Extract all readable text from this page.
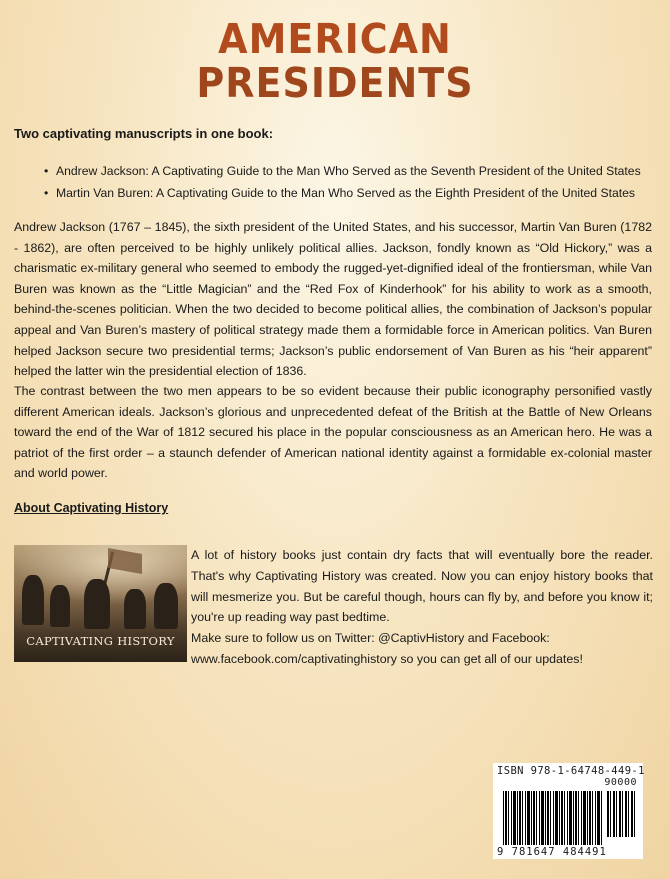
AMERICAN
PRESIDENTS
Two captivating manuscripts in one book:
• Andrew Jackson: A Captivating Guide to the Man Who Served as the Seventh President of the United States
• Martin Van Buren: A Captivating Guide to the Man Who Served as the Eighth President of the United States

Andrew Jackson (1767 – 1845), the sixth president of the United States, and his successor, Martin Van Buren (1782 - 1862), are often perceived to be highly unlikely political allies. Jackson, fondly known as “Old Hickory,” was a charismatic ex-military general who seemed to embody the rugged-yet-dignified ideal of the frontiersman, while Van Buren was known as the “Little Magician” and the “Red Fox of Kinderhook” for his ability to work as a smooth, behind-the-scenes politician. When the two decided to become political allies, the combination of Jackson’s popular appeal and Van Buren’s mastery of political strategy made them a formidable force in American politics. Van Buren helped Jackson secure two presidential terms; Jackson’s public endorsement of Van Buren as his “heir apparent” helped the latter win the presidential election of 1836.

The contrast between the two men appears to be so evident because their public iconography personified vastly different American ideals. Jackson’s glorious and unprecedented defeat of the British at the Battle of New Orleans toward the end of the War of 1812 secured his place in the popular consciousness as an American hero. He was a patriot of the first order – a staunch defender of American national identity against a formidable ex-colonial master and world power.

About Captivating History
CAPTIVATING HISTORY

A lot of history books just contain dry facts that will eventually bore the reader. That's why Captivating History was created. Now you can enjoy history books that will mesmerize you. But be careful though, hours can fly by, and before you know it; you're up reading way past bedtime.

Make sure to follow us on Twitter: @CaptivHistory and Facebook: www.facebook.com/captivatinghistory so you can get all of our updates!

ISBN 978-1-64748-449-1
90000
9 781647 484491
